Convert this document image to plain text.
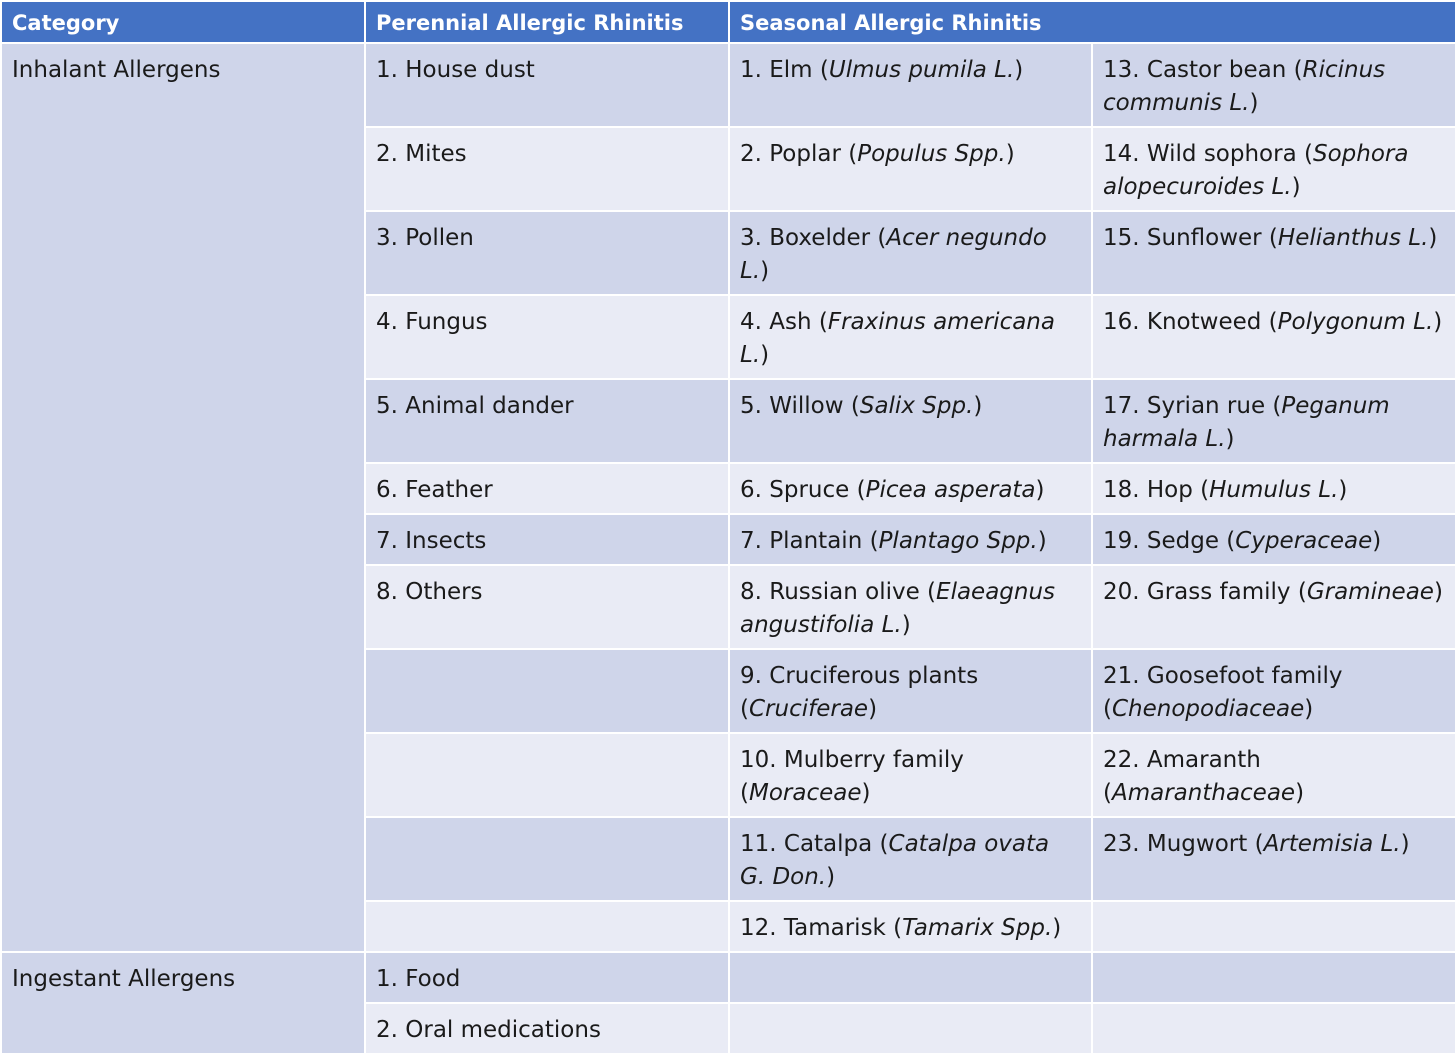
Category	Perennial Allergic Rhinitis	Seasonal Allergic Rhinitis	
Inhalant Allergens	1. House dust	1. Elm (Ulmus pumila L.)	13. Castor bean (Ricinus communis L.)
	2. Mites	2. Poplar (Populus Spp.)	14. Wild sophora (Sophora alopecuroides L.)
	3. Pollen	3. Boxelder (Acer negundo L.)	15. Sunflower (Helianthus L.)
	4. Fungus	4. Ash (Fraxinus americana L.)	16. Knotweed (Polygonum L.)
	5. Animal dander	5. Willow (Salix Spp.)	17. Syrian rue (Peganum harmala L.)
	6. Feather	6. Spruce (Picea asperata)	18. Hop (Humulus L.)
	7. Insects	7. Plantain (Plantago Spp.)	19. Sedge (Cyperaceae)
	8. Others	8. Russian olive (Elaeagnus angustifolia L.)	20. Grass family (Gramineae)
		9. Cruciferous plants (Cruciferae)	21. Goosefoot family (Chenopodiaceae)
		10. Mulberry family (Moraceae)	22. Amaranth (Amaranthaceae)
		11. Catalpa (Catalpa ovata G. Don.)	23. Mugwort (Artemisia L.)
		12. Tamarisk (Tamarix Spp.)	
Ingestant Allergens	1. Food		
	2. Oral medications		
